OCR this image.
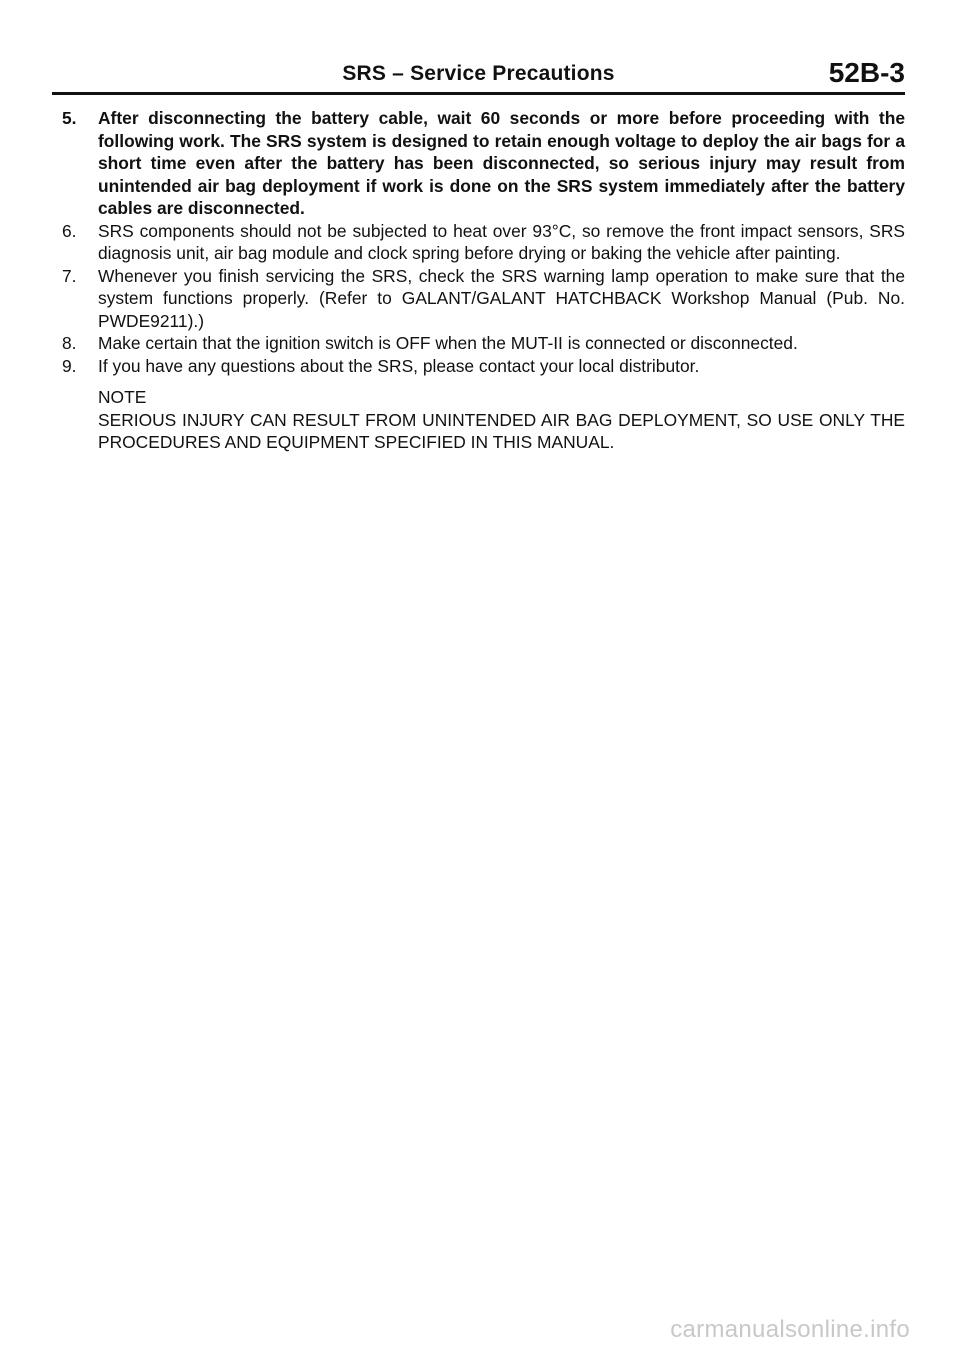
SRS – Service Precautions	52B-3
5.	After disconnecting the battery cable, wait 60 seconds or more before proceeding with the following work. The SRS system is designed to retain enough voltage to deploy the air bags for a short time even after the battery has been disconnected, so serious injury may result from unintended air bag deployment if work is done on the SRS system immediately after the battery cables are disconnected.
6.	SRS components should not be subjected to heat over 93°C, so remove the front impact sensors, SRS diagnosis unit, air bag module and clock spring before drying or baking the vehicle after painting.
7.	Whenever you finish servicing the SRS, check the SRS warning lamp operation to make sure that the system functions properly. (Refer to GALANT/GALANT HATCHBACK Workshop Manual (Pub. No. PWDE9211).)
8.	Make certain that the ignition switch is OFF when the MUT-II is connected or disconnected.
9.	If you have any questions about the SRS, please contact your local distributor.
NOTE
SERIOUS INJURY CAN RESULT FROM UNINTENDED AIR BAG DEPLOYMENT, SO USE ONLY THE PROCEDURES AND EQUIPMENT SPECIFIED IN THIS MANUAL.
carmanualsonline.info
